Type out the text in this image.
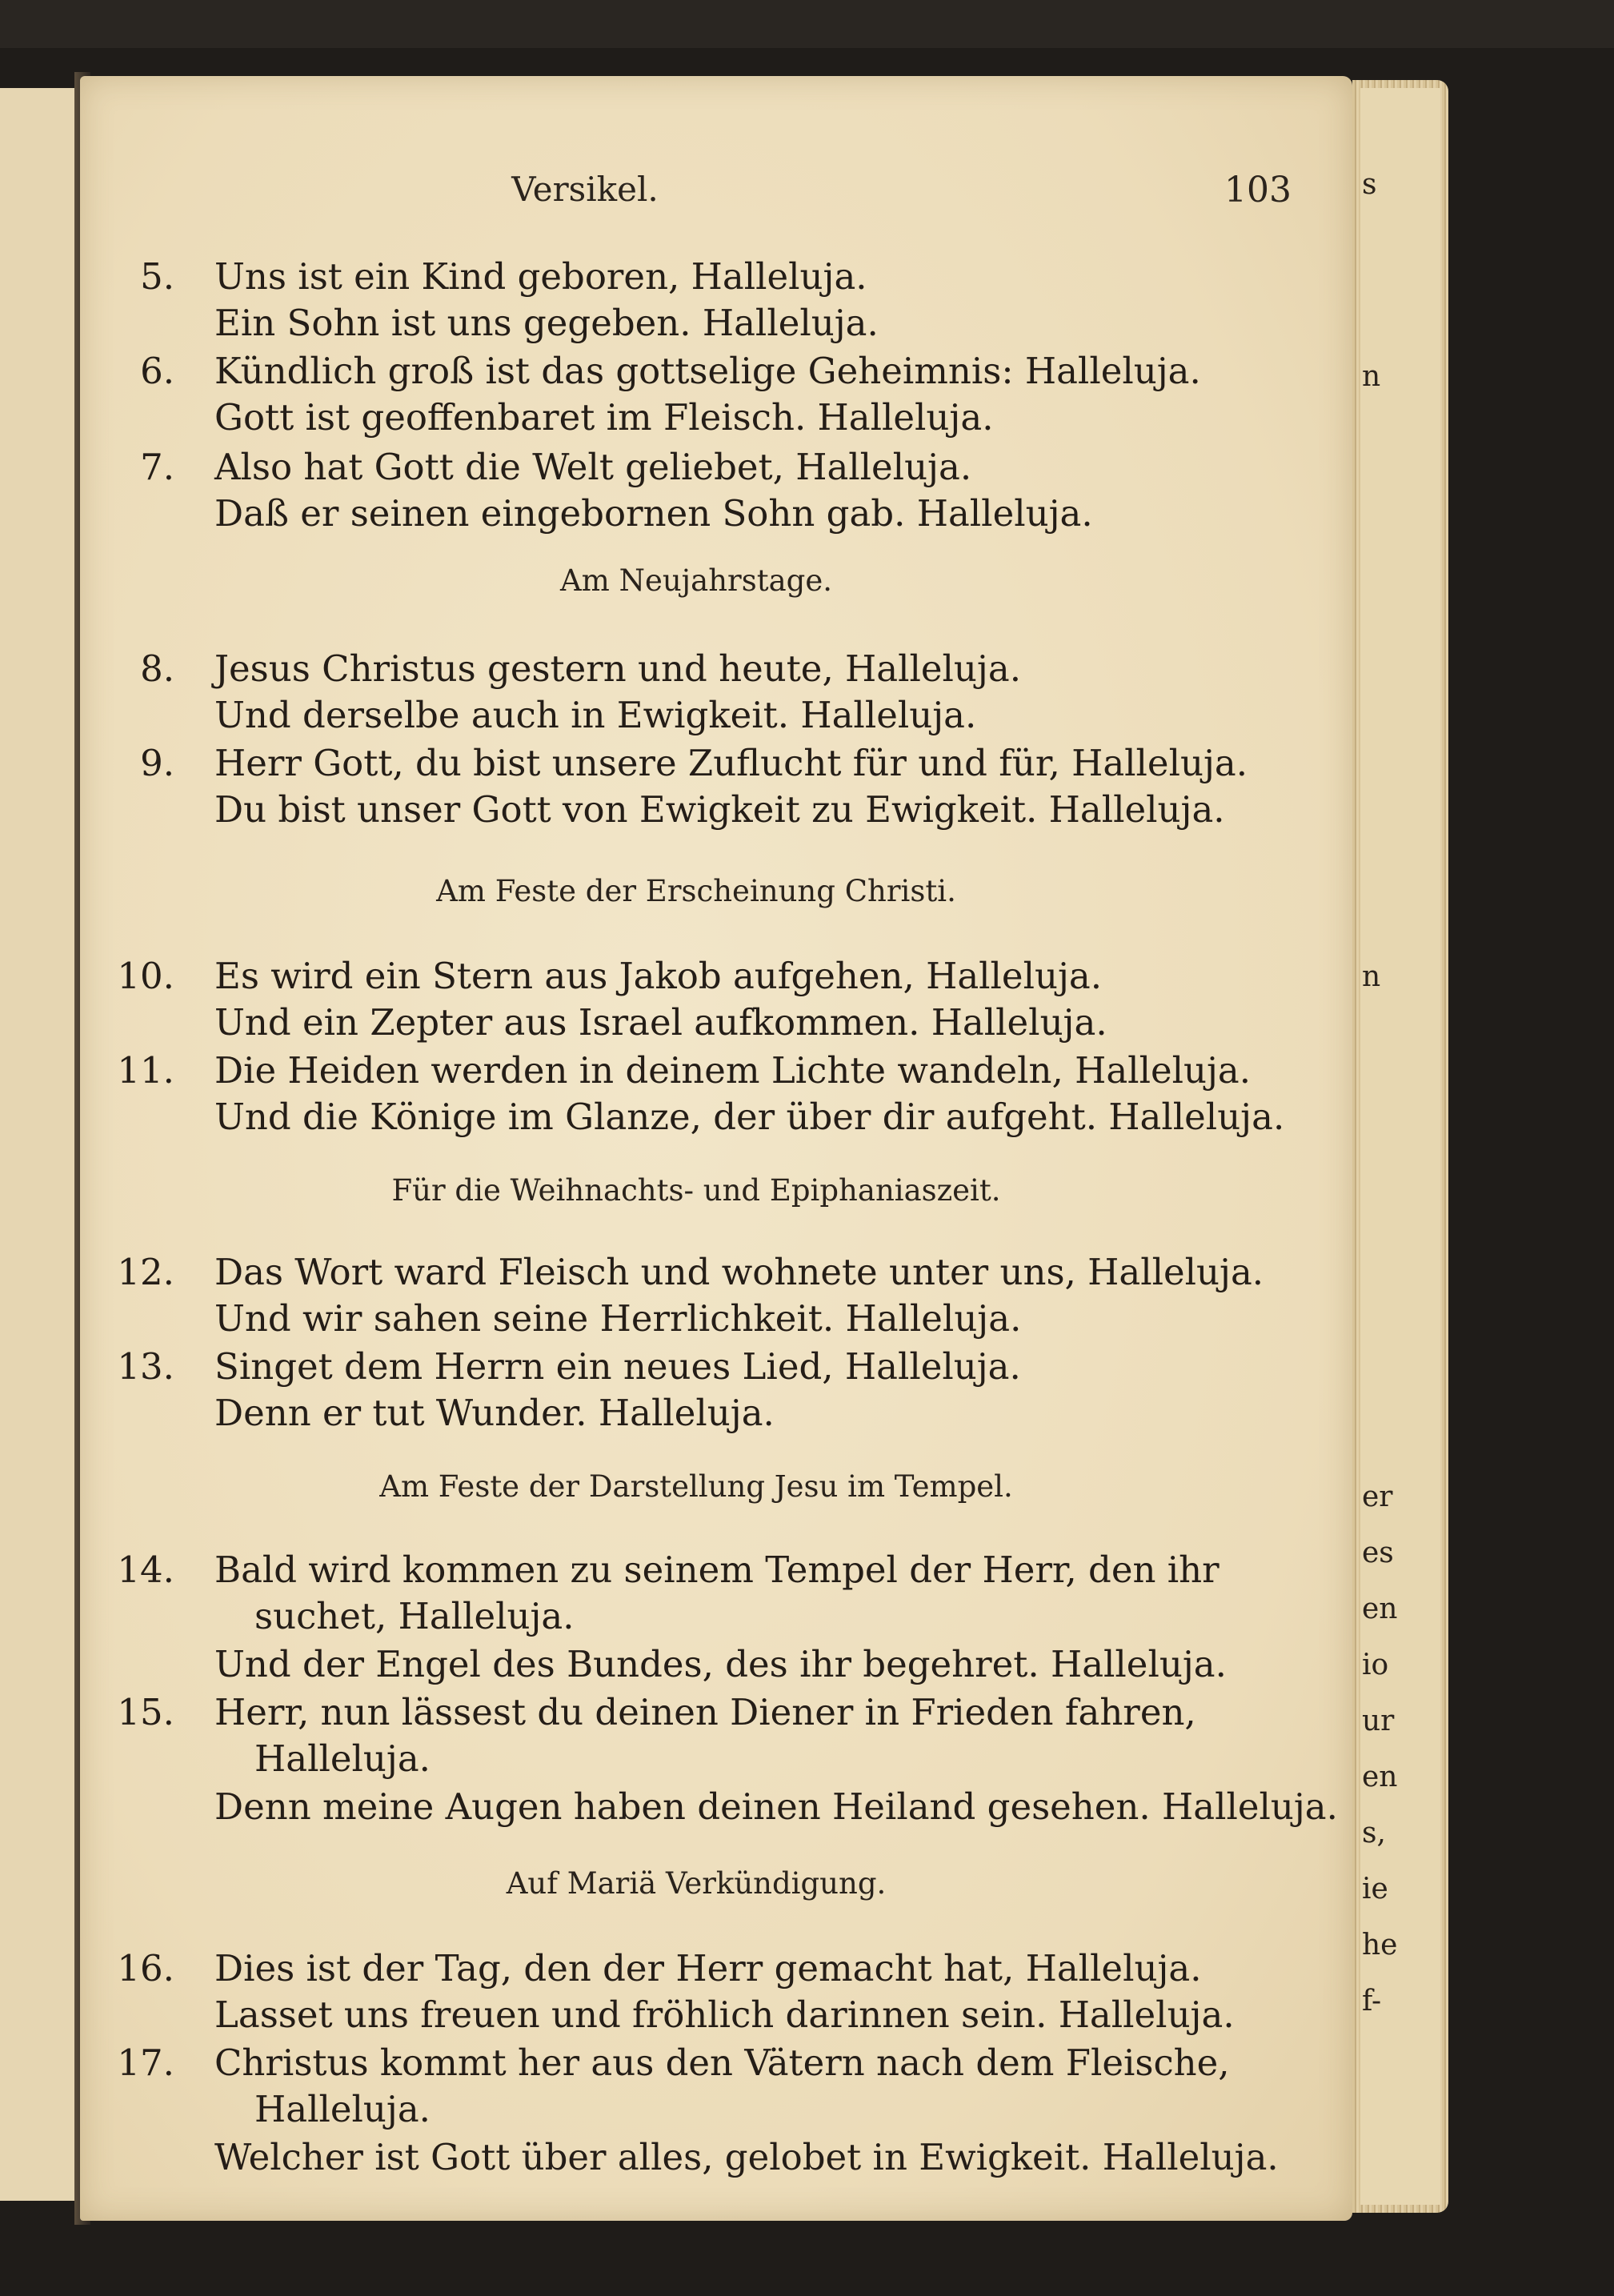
s
n
n
er
es
en
io
ur
en
s,
ie
he
f-
Versikel.	103
5. Uns ist ein Kind geboren, Halleluja.
Ein Sohn ist uns gegeben. Halleluja.
6. Kündlich groß ist das gottselige Geheimnis: Halleluja.
Gott ist geoffenbaret im Fleisch. Halleluja.
7. Also hat Gott die Welt geliebet, Halleluja.
Daß er seinen eingebornen Sohn gab. Halleluja.
Am Neujahrstage.
8. Jesus Christus gestern und heute, Halleluja.
Und derselbe auch in Ewigkeit. Halleluja.
9. Herr Gott, du bist unsere Zuflucht für und für, Halleluja.
Du bist unser Gott von Ewigkeit zu Ewigkeit. Halleluja.
Am Feste der Erscheinung Christi.
10. Es wird ein Stern aus Jakob aufgehen, Halleluja.
Und ein Zepter aus Israel aufkommen. Halleluja.
11. Die Heiden werden in deinem Lichte wandeln, Halleluja.
Und die Könige im Glanze, der über dir aufgeht. Halleluja.
Für die Weihnachts- und Epiphaniaszeit.
12. Das Wort ward Fleisch und wohnete unter uns, Halleluja.
Und wir sahen seine Herrlichkeit. Halleluja.
13. Singet dem Herrn ein neues Lied, Halleluja.
Denn er tut Wunder. Halleluja.
Am Feste der Darstellung Jesu im Tempel.
14. Bald wird kommen zu seinem Tempel der Herr, den ihr
suchet, Halleluja.
Und der Engel des Bundes, des ihr begehret. Halleluja.
15. Herr, nun lässest du deinen Diener in Frieden fahren,
Halleluja.
Denn meine Augen haben deinen Heiland gesehen. Halleluja.
Auf Mariä Verkündigung.
16. Dies ist der Tag, den der Herr gemacht hat, Halleluja.
Lasset uns freuen und fröhlich darinnen sein. Halleluja.
17. Christus kommt her aus den Vätern nach dem Fleische,
Halleluja.
Welcher ist Gott über alles, gelobet in Ewigkeit. Halleluja.
